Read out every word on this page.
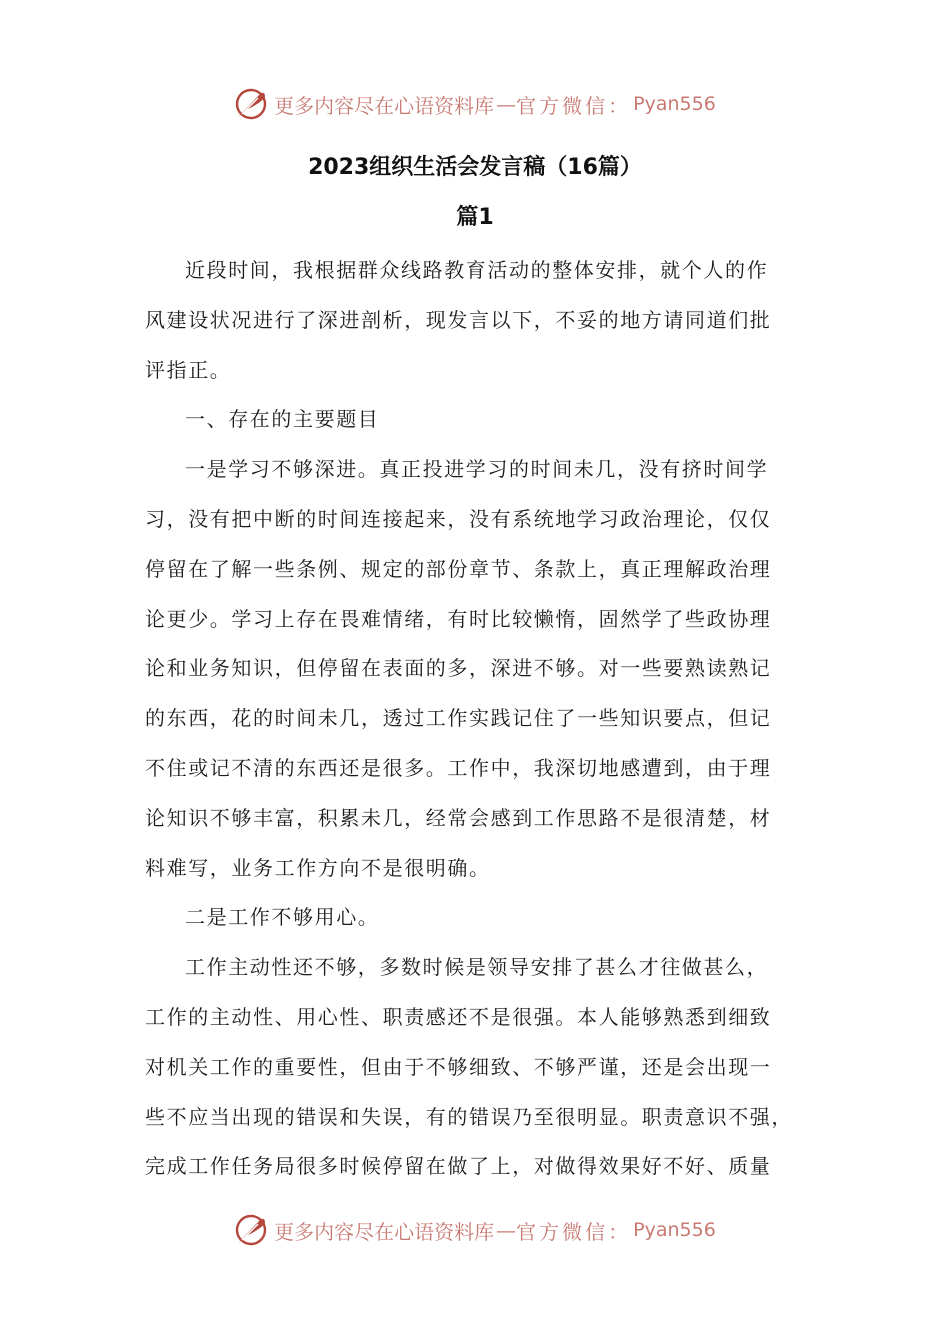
更多内容尽在心语资料库 — 官方微信： Pyan556
2023组织生活会发言稿（16篇）
篇1

近段时间，我根据群众线路教育活动的整体安排，就个人的作
风建设状况进行了深进剖析，现发言以下，不妥的地方请同道们批
评指正。

一、存在的主要题目

一是学习不够深进。真正投进学习的时间未几，没有挤时间学
习，没有把中断的时间连接起来，没有系统地学习政治理论，仅仅
停留在了解一些条例、规定的部份章节、条款上，真正理解政治理
论更少。学习上存在畏难情绪，有时比较懒惰，固然学了些政协理
论和业务知识，但停留在表面的多，深进不够。对一些要熟读熟记
的东西，花的时间未几，透过工作实践记住了一些知识要点，但记
不住或记不清的东西还是很多。工作中，我深切地感遭到，由于理
论知识不够丰富，积累未几，经常会感到工作思路不是很清楚，材
料难写，业务工作方向不是很明确。

二是工作不够用心。

工作主动性还不够，多数时候是领导安排了甚么才往做甚么，
工作的主动性、用心性、职责感还不是很强。本人能够熟悉到细致
对机关工作的重要性，但由于不够细致、不够严谨，还是会出现一
些不应当出现的错误和失误，有的错误乃至很明显。职责意识不强，
完成工作任务局很多时候停留在做了上，对做得效果好不好、质量

更多内容尽在心语资料库 — 官方微信： Pyan556
